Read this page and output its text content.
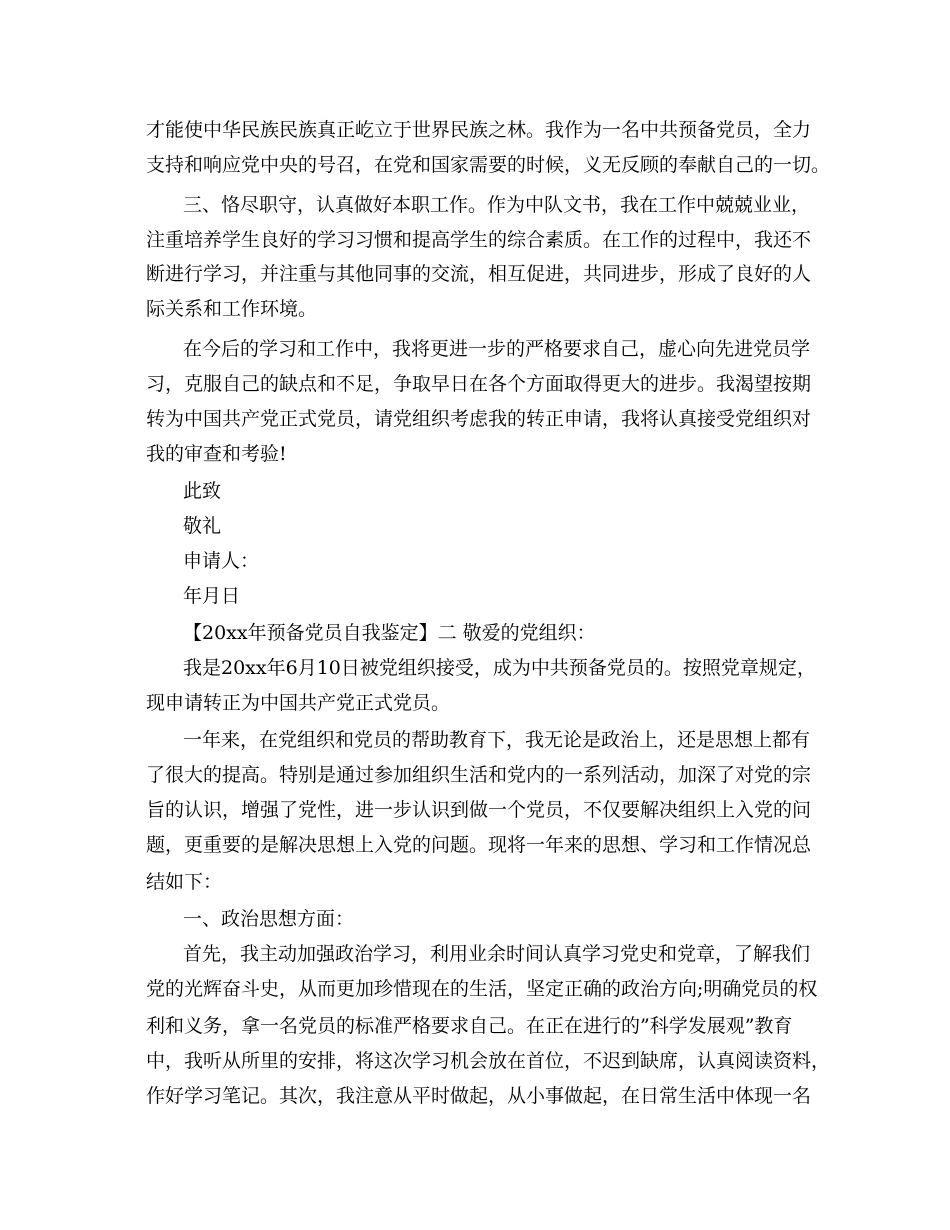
才能使中华民族民族真正屹立于世界民族之林。我作为一名中共预备党员，全力
支持和响应党中央的号召，在党和国家需要的时候，义无反顾的奉献自己的一切。
三、恪尽职守，认真做好本职工作。作为中队文书，我在工作中兢兢业业，
注重培养学生良好的学习习惯和提高学生的综合素质。在工作的过程中，我还不
断进行学习，并注重与其他同事的交流，相互促进，共同进步，形成了良好的人
际关系和工作环境。
在今后的学习和工作中，我将更进一步的严格要求自己，虚心向先进党员学
习，克服自己的缺点和不足，争取早日在各个方面取得更大的进步。我渴望按期
转为中国共产党正式党员，请党组织考虑我的转正申请，我将认真接受党组织对
我的审查和考验!
此致
敬礼
申请人：
年月日
【20xx年预备党员自我鉴定】二 敬爱的党组织：
我是20xx年6月10日被党组织接受，成为中共预备党员的。按照党章规定，
现申请转正为中国共产党正式党员。
一年来，在党组织和党员的帮助教育下，我无论是政治上，还是思想上都有
了很大的提高。特别是通过参加组织生活和党内的一系列活动，加深了对党的宗
旨的认识，增强了党性，进一步认识到做一个党员，不仅要解决组织上入党的问
题，更重要的是解决思想上入党的问题。现将一年来的思想、学习和工作情况总
结如下：
一、政治思想方面：
首先，我主动加强政治学习，利用业余时间认真学习党史和党章，了解我们
党的光辉奋斗史，从而更加珍惜现在的生活，坚定正确的政治方向;明确党员的权
利和义务，拿一名党员的标准严格要求自己。在正在进行的”科学发展观”教育
中，我听从所里的安排，将这次学习机会放在首位，不迟到缺席，认真阅读资料，
作好学习笔记。其次，我注意从平时做起，从小事做起，在日常生活中体现一名
